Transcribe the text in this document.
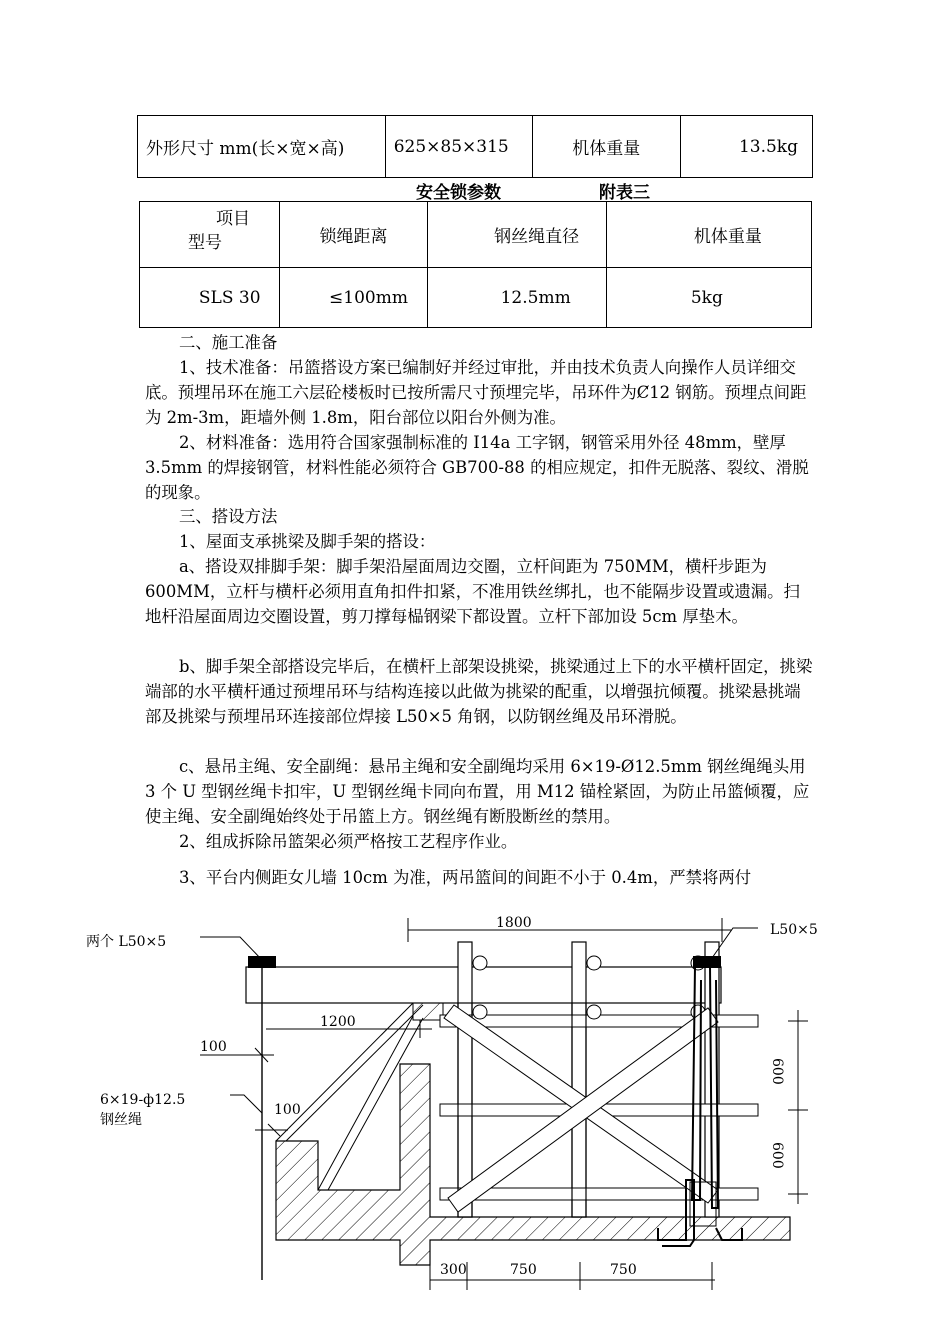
外形尺寸 mm(长×宽×高)	625×85×315	机体重量	13.5kg
安全锁参数	附表三
项目
型号	锁绳距离	钢丝绳直径	机体重量
SLS 30	≤100mm	12.5mm	5kg
二、施工准备
1、技术准备：吊篮搭设方案已编制好并经过审批，并由技术负责人向操作人员详细交底。预埋吊环在施工六层砼楼板时已按所需尺寸预埋完毕，吊环件为Ȼ12 钢筋。预埋点间距为 2m-3m，距墙外侧 1.8m，阳台部位以阳台外侧为准。
2、材料准备：选用符合国家强制标准的 I14a 工字钢，钢管采用外径 48mm，壁厚 3.5mm 的焊接钢管，材料性能必须符合 GB700-88 的相应规定，扣件无脱落、裂纹、滑脱的现象。
三、搭设方法
1、屋面支承挑梁及脚手架的搭设：
a、搭设双排脚手架：脚手架沿屋面周边交圈，立杆间距为 750MM，横杆步距为 600MM，立杆与横杆必须用直角扣件扣紧，不准用铁丝绑扎，也不能隔步设置或遗漏。扫地杆沿屋面周边交圈设置，剪刀撑每榀钢梁下都设置。立杆下部加设 5cm 厚垫木。
b、脚手架全部搭设完毕后，在横杆上部架设挑梁，挑梁通过上下的水平横杆固定，挑梁端部的水平横杆通过预埋吊环与结构连接以此做为挑梁的配重，以增强抗倾覆。挑梁悬挑端部及挑梁与预埋吊环连接部位焊接 L50×5 角钢，以防钢丝绳及吊环滑脱。
c、悬吊主绳、安全副绳：悬吊主绳和安全副绳均采用 6×19-Ø12.5mm 钢丝绳绳头用 3 个 U 型钢丝绳卡扣牢，U 型钢丝绳卡同向布置，用 M12 锚栓紧固，为防止吊篮倾覆，应使主绳、安全副绳始终处于吊篮上方。钢丝绳有断股断丝的禁用。
2、组成拆除吊篮架必须严格按工艺程序作业。
3、平台内侧距女儿墙 10cm 为准，两吊篮间的间距不小于 0.4m，严禁将两付
两个 L50×5
L50×5
6×19-ф12.5
钢丝绳
1800
1200
100
100
600
600
300	750	750
